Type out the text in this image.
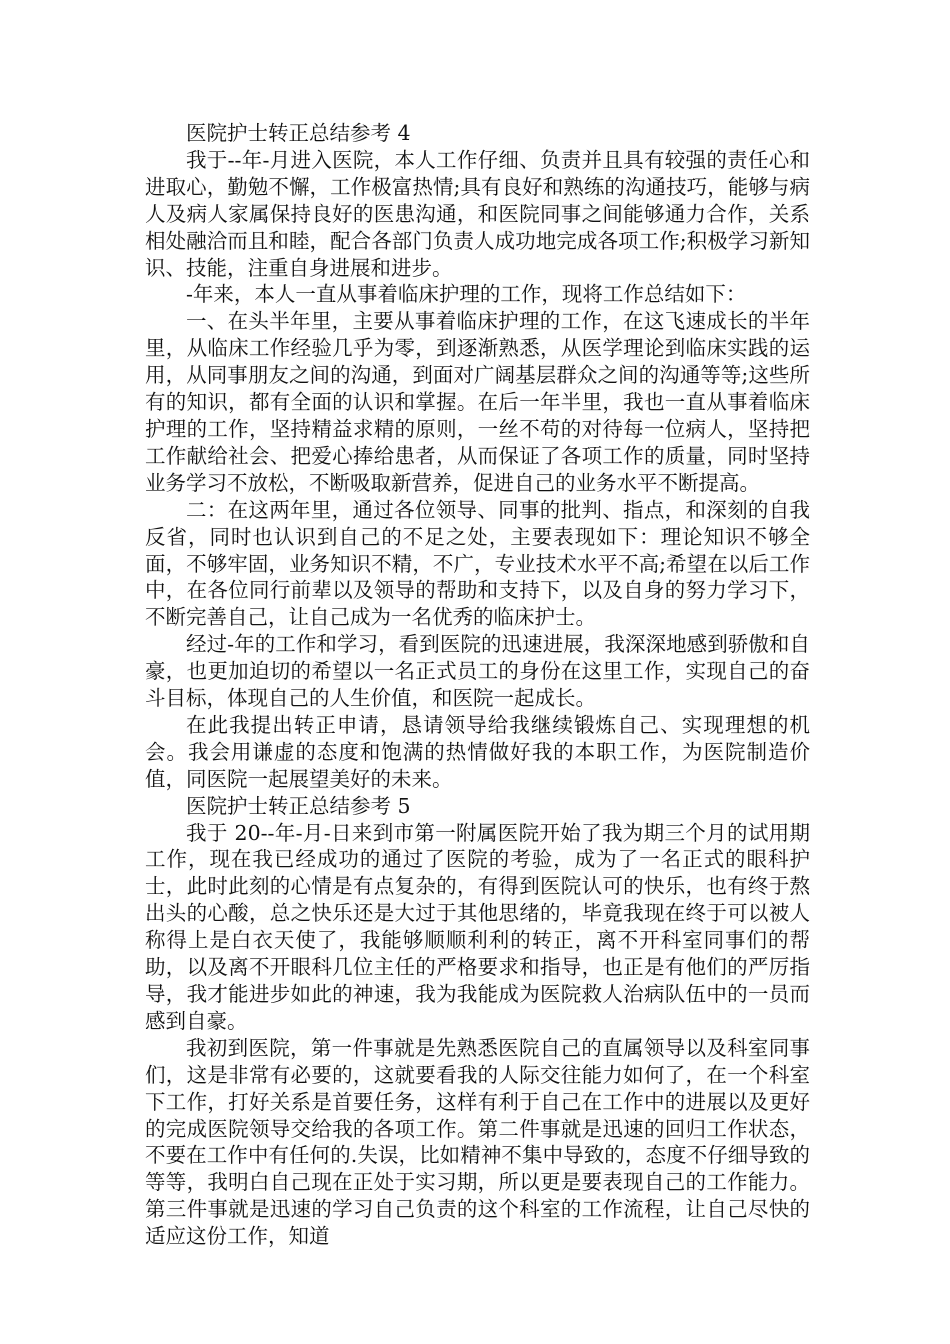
医院护士转正总结参考 4

我于--年-月进入医院，本人工作仔细、负责并且具有较强的责任心和进取心，勤勉不懈，工作极富热情;具有良好和熟练的沟通技巧，能够与病人及病人家属保持良好的医患沟通，和医院同事之间能够通力合作，关系相处融洽而且和睦，配合各部门负责人成功地完成各项工作;积极学习新知识、技能，注重自身进展和进步。

-年来，本人一直从事着临床护理的工作，现将工作总结如下：

一、在头半年里，主要从事着临床护理的工作，在这飞速成长的半年里，从临床工作经验几乎为零，到逐渐熟悉，从医学理论到临床实践的运用，从同事朋友之间的沟通，到面对广阔基层群众之间的沟通等等;这些所有的知识，都有全面的认识和掌握。在后一年半里，我也一直从事着临床护理的工作，坚持精益求精的原则，一丝不苟的对待每一位病人，坚持把工作献给社会、把爱心捧给患者，从而保证了各项工作的质量，同时坚持业务学习不放松，不断吸取新营养，促进自己的业务水平不断提高。

二：在这两年里，通过各位领导、同事的批判、指点，和深刻的自我反省，同时也认识到自己的不足之处，主要表现如下：理论知识不够全面，不够牢固，业务知识不精，不广，专业技术水平不高;希望在以后工作中，在各位同行前辈以及领导的帮助和支持下，以及自身的努力学习下，不断完善自己，让自己成为一名优秀的临床护士。

经过-年的工作和学习，看到医院的迅速进展，我深深地感到骄傲和自豪，也更加迫切的希望以一名正式员工的身份在这里工作，实现自己的奋斗目标，体现自己的人生价值，和医院一起成长。

在此我提出转正申请，恳请领导给我继续锻炼自己、实现理想的机会。我会用谦虚的态度和饱满的热情做好我的本职工作，为医院制造价值，同医院一起展望美好的未来。

医院护士转正总结参考 5

我于 20--年-月-日来到市第一附属医院开始了我为期三个月的试用期工作，现在我已经成功的通过了医院的考验，成为了一名正式的眼科护士，此时此刻的心情是有点复杂的，有得到医院认可的快乐，也有终于熬出头的心酸，总之快乐还是大过于其他思绪的，毕竟我现在终于可以被人称得上是白衣天使了，我能够顺顺利利的转正，离不开科室同事们的帮助，以及离不开眼科几位主任的严格要求和指导，也正是有他们的严厉指导，我才能进步如此的神速，我为我能成为医院救人治病队伍中的一员而感到自豪。

我初到医院，第一件事就是先熟悉医院自己的直属领导以及科室同事们，这是非常有必要的，这就要看我的人际交往能力如何了，在一个科室下工作，打好关系是首要任务，这样有利于自己在工作中的进展以及更好的完成医院领导交给我的各项工作。第二件事就是迅速的回归工作状态，不要在工作中有任何的.失误，比如精神不集中导致的，态度不仔细导致的等等，我明白自己现在正处于实习期，所以更是要表现自己的工作能力。第三件事就是迅速的学习自己负责的这个科室的工作流程，让自己尽快的适应这份工作，知道
